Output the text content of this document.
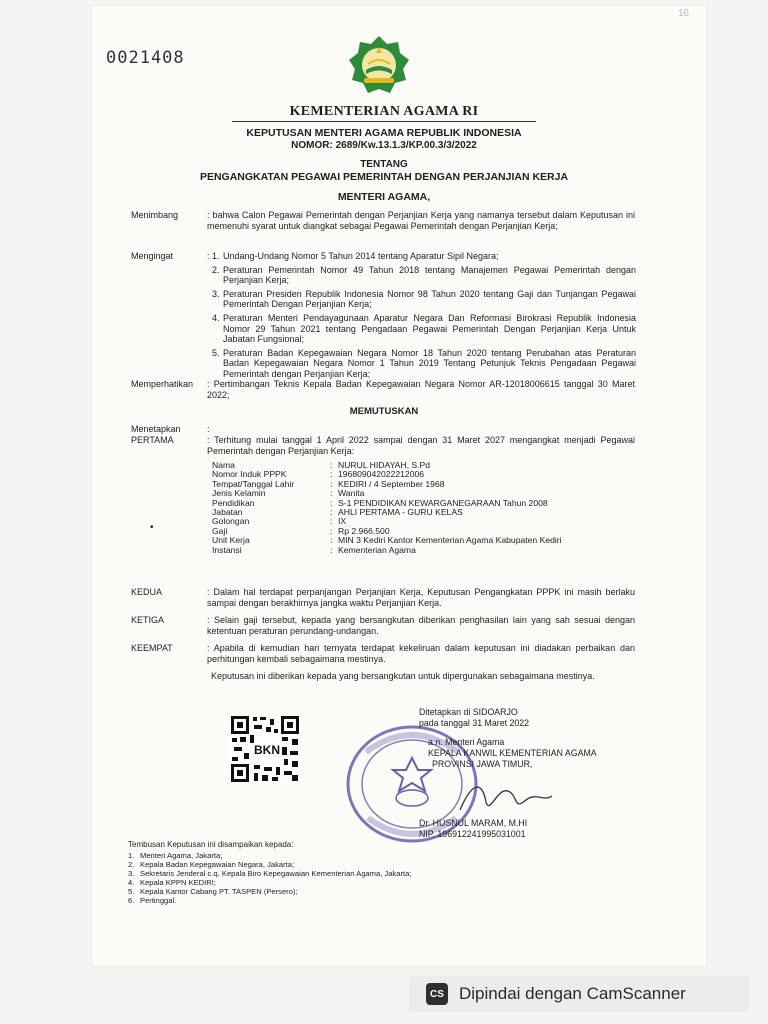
0021408
16
KEMENTERIAN AGAMA RI
KEPUTUSAN MENTERI AGAMA REPUBLIK INDONESIA
NOMOR: 2689/Kw.13.1.3/KP.00.3/3/2022
TENTANG
PENGANGKATAN PEGAWAI PEMERINTAH DENGAN PERJANJIAN KERJA
MENTERI AGAMA,
Menimbang	: bahwa Calon Pegawai Pemerintah dengan Perjanjian Kerja yang namanya tersebut dalam Keputusan ini memenuhi syarat untuk diangkat sebagai Pegawai Pemerintah dengan Perjanjian Kerja;
Mengingat	: 1. Undang-Undang Nomor 5 Tahun 2014 tentang Aparatur Sipil Negara;
2. Peraturan Pemerintah Nomor 49 Tahun 2018 tentang Manajemen Pegawai Pemerintah dengan Perjanjian Kerja;
3. Peraturan Presiden Republik Indonesia Nomor 98 Tahun 2020 tentang Gaji dan Tunjangan Pegawai Pemerintah Dengan Perjanjian Kerja;
4. Peraturan Menteri Pendayagunaan Aparatur Negara Dan Reformasi Birokrasi Republik Indonesia Nomor 29 Tahun 2021 tentang Pengadaan Pegawai Pemerintah Dengan Perjanjian Kerja Untuk Jabatan Fungsional;
5. Peraturan Badan Kepegawaian Negara Nomor 18 Tahun 2020 tentang Perubahan atas Peraturan Badan Kepegawaian Negara Nomor 1 Tahun 2019 Tentang Petunjuk Teknis Pengadaan Pegawai Pemerintah dengan Perjanjian Kerja;
Memperhatikan : Pertimbangan Teknis Kepala Badan Kepegawaian Negara Nomor AR-12018006615 tanggal 30 Maret 2022;
MEMUTUSKAN
Menetapkan	:
PERTAMA	: Terhitung mulai tanggal 1 April 2022 sampai dengan 31 Maret 2027 mengangkat menjadi Pegawai Pemerintah dengan Perjanjian Kerja:
Nama	: NURUL HIDAYAH, S.Pd
Nomor Induk PPPK	: 196809042022212006
Tempat/Tanggal Lahir	: KEDIRI / 4 September 1968
Jenis Kelamin	: Wanita
Pendidikan	: S-1 PENDIDIKAN KEWARGANEGARAAN Tahun 2008
Jabatan	: AHLI PERTAMA - GURU KELAS
Golongan	: IX
Gaji	: Rp 2.966.500
Unit Kerja	: MIN 3 Kediri Kantor Kementerian Agama Kabupaten Kediri
Instansi	: Kementerian Agama
•
KEDUA	: Dalam hal terdapat perpanjangan Perjanjian Kerja, Keputusan Pengangkatan PPPK ini masih berlaku sampai dengan berakhirnya jangka waktu Perjanjian Kerja.
KETIGA	: Selain gaji tersebut, kepada yang bersangkutan diberikan penghasilan lain yang sah sesuai dengan ketentuan peraturan perundang-undangan.
KEEMPAT	: Apabila di kemudian hari ternyata terdapat kekeliruan dalam keputusan ini diadakan perbaikan dan perhitungan kembali sebagaimana mestinya.
Keputusan ini diberikan kepada yang bersangkutan untuk dipergunakan sebagaimana mestinya.
BKN
Ditetapkan di SIDOARJO
pada tanggal 31 Maret 2022
a.n. Menteri Agama
KEPALA KANWIL KEMENTERIAN AGAMA
PROVINSI JAWA TIMUR,
Dr. HUSNUL MARAM, M.HI
NIP. 196912241995031001
Tembusan Keputusan ini disampaikan kepada:
1. Menteri Agama, Jakarta;
2. Kepala Badan Kepegawaian Negara, Jakarta;
3. Sekretaris Jenderal c.q. Kepala Biro Kepegawaian Kementerian Agama, Jakarta;
4. Kepala KPPN KEDIRI;
5. Kepala Kantor Cabang PT. TASPEN (Persero);
6. Pertinggal.
CS Dipindai dengan CamScanner
